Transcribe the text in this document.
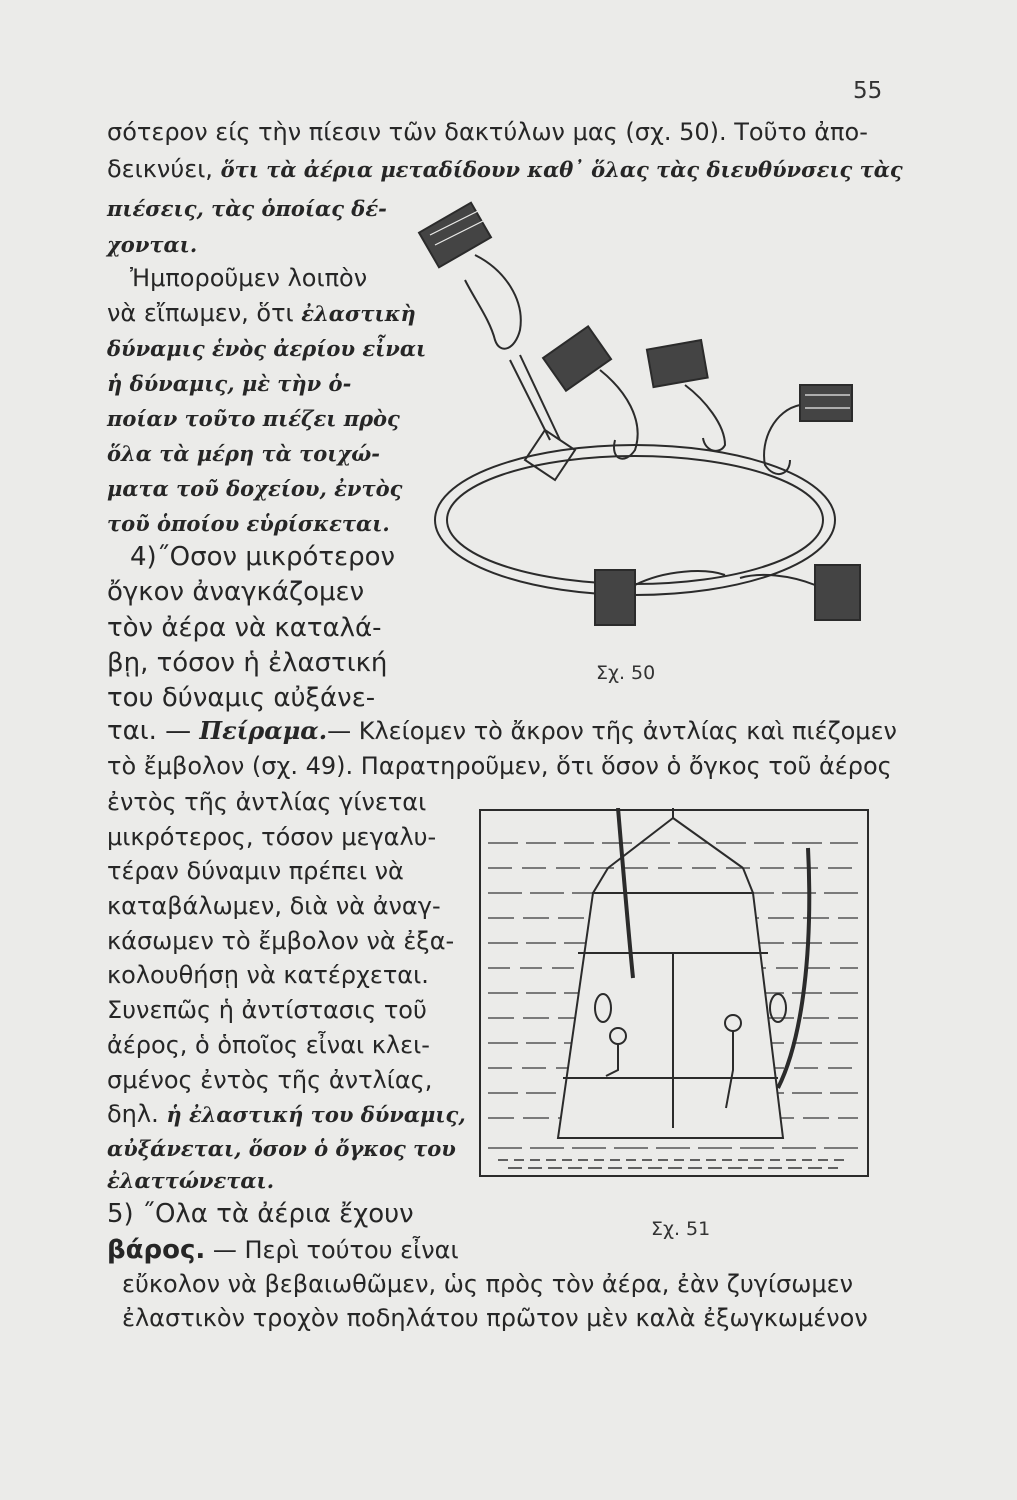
55
σότερον είς τὴν πίεσιν τῶν δακτύλων μας (σχ. 50). Τοῦτο ἀπο-
δεικνύει, ὅτι τὰ ἀέρια μεταδίδουν καθ᾽ ὅλας τὰς διευθύνσεις τὰς
πιέσεις, τὰς ὁποίας δέ-
χονται.
Ἠμποροῦμεν λοιπὸν
νὰ εἴπωμεν, ὅτι ἐλαστικὴ
δύναμις ἑνὸς ἀερίου εἶναι
ἡ δύναμις, μὲ τὴν ὁ-
ποίαν τοῦτο πιέζει πρὸς
ὅλα τὰ μέρη τὰ τοιχώ-
ματα τοῦ δοχείου, ἐντὸς
τοῦ ὁποίου εὑρίσκεται.
4)˝Οσον μικρότερον
ὄγκον ἀναγκάζομεν
τὸν ἀέρα νὰ καταλά-
βῃ, τόσον ἡ ἐλαστική
του δύναμις αὐξάνε-
ται. — Πείραμα.— Κλείομεν τὸ ἄκρον τῆς ἀντλίας καὶ πιέζομεν
τὸ ἔμβολον (σχ. 49). Παρατηροῦμεν, ὅτι ὅσον ὁ ὄγκος τοῦ ἀέρος
ἐντὸς τῆς ἀντλίας γίνεται
μικρότερος, τόσον μεγαλυ-
τέραν δύναμιν πρέπει νὰ
καταβάλωμεν, διὰ νὰ ἀναγ-
κάσωμεν τὸ ἔμβολον νὰ ἐξα-
κολουθήσῃ νὰ κατέρχεται.
Συνεπῶς ἡ ἀντίστασις τοῦ
ἀέρος, ὁ ὁποῖος εἶναι κλει-
σμένος ἐντὸς τῆς ἀντλίας,
δηλ. ἡ ἐλαστική του δύναμις,
αὐξάνεται, ὅσον ὁ ὄγκος του
ἐλαττώνεται.
5) ˝Ολα τὰ ἀέρια ἔχουν
βάρος. — Περὶ τούτου εἶναι
εὔκολον νὰ βεβαιωθῶμεν, ὡς πρὸς τὸν ἀέρα, ἐὰν ζυγίσωμεν
ἐλαστικὸν τροχὸν ποδηλάτου πρῶτον μὲν καλὰ ἐξωγκωμένον
Σχ. 50
Σχ. 51
